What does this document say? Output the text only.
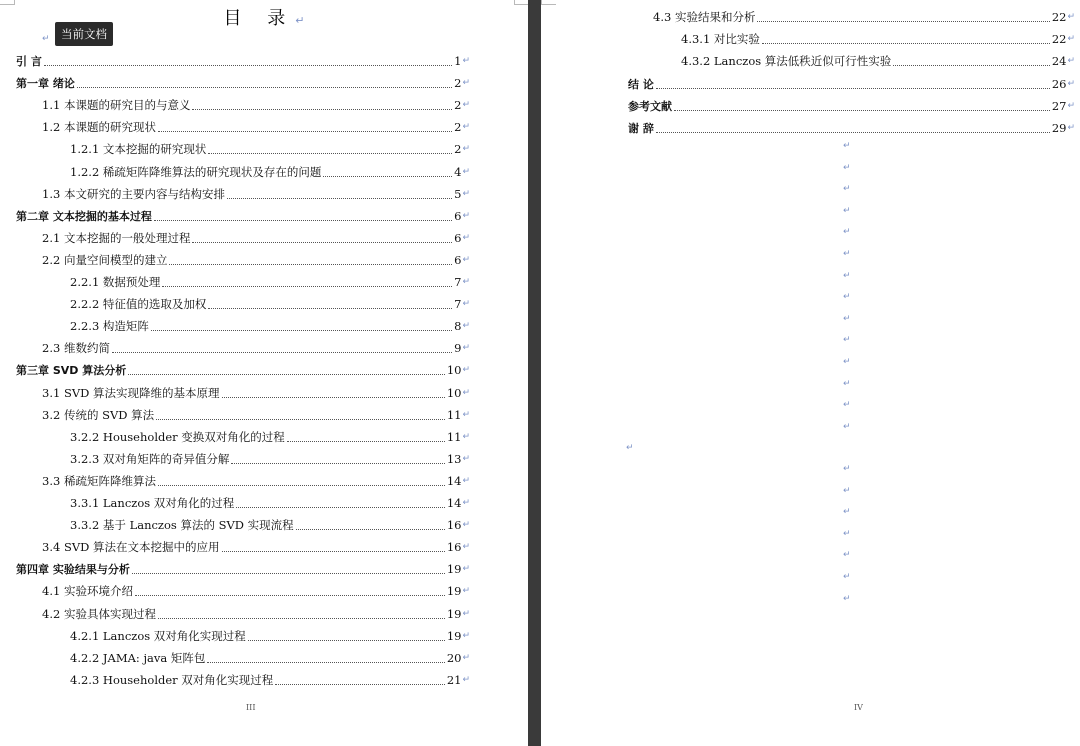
目 录↵
当前文档
↵
引 言	1 ↵
第一章 绪论	2 ↵
1.1 本课题的研究目的与意义	2 ↵
1.2 本课题的研究现状	2 ↵
1.2.1 文本挖掘的研究现状	2 ↵
1.2.2 稀疏矩阵降维算法的研究现状及存在的问题	4 ↵
1.3 本文研究的主要内容与结构安排	5 ↵
第二章 文本挖掘的基本过程	6 ↵
2.1 文本挖掘的一般处理过程	6 ↵
2.2 向量空间模型的建立	6 ↵
2.2.1 数据预处理	7 ↵
2.2.2 特征值的选取及加权	7 ↵
2.2.3 构造矩阵	8 ↵
2.3 维数约简	9 ↵
第三章 SVD 算法分析	10 ↵
3.1 SVD 算法实现降维的基本原理	10 ↵
3.2 传统的 SVD 算法	11 ↵
3.2.2 Householder 变换双对角化的过程	11 ↵
3.2.3 双对角矩阵的奇异值分解	13 ↵
3.3 稀疏矩阵降维算法	14 ↵
3.3.1 Lanczos 双对角化的过程	14 ↵
3.3.2 基于 Lanczos 算法的 SVD 实现流程	16 ↵
3.4 SVD 算法在文本挖掘中的应用	16 ↵
第四章 实验结果与分析	19 ↵
4.1 实验环境介绍	19 ↵
4.2 实验具体实现过程	19 ↵
4.2.1 Lanczos 双对角化实现过程	19 ↵
4.2.2 JAMA: java 矩阵包	20 ↵
4.2.3 Householder 双对角化实现过程	21 ↵
III
4.3 实验结果和分析	22 ↵
4.3.1 对比实验	22 ↵
4.3.2 Lanczos 算法低秩近似可行性实验	24 ↵
结 论	26 ↵
参考文献	27 ↵
谢 辞	29 ↵
↵
↵
↵
↵
↵
↵
↵
↵
↵
↵
↵
↵
↵
↵
↵
↵
↵
↵
↵
↵
↵
↵
IV
